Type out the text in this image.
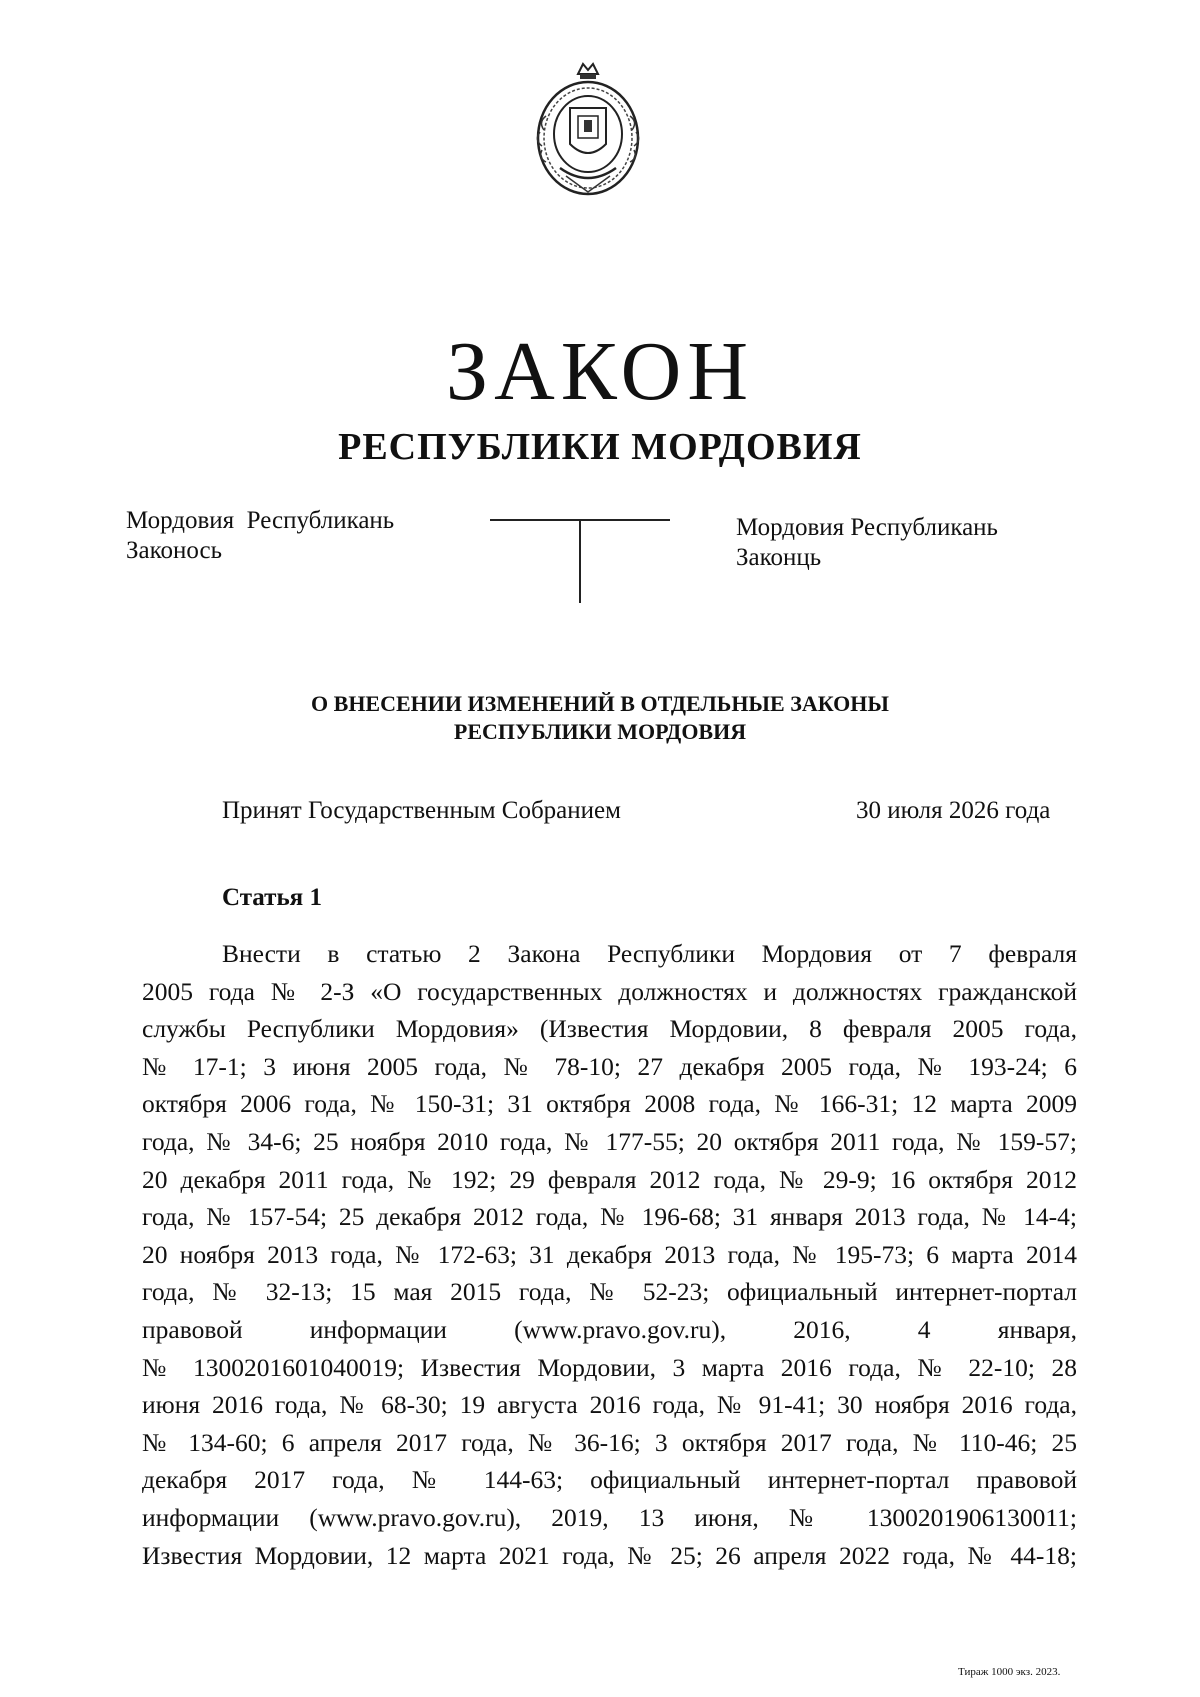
ЗАКОН
РЕСПУБЛИКИ МОРДОВИЯ
Мордовия  Республикань
Законось
Мордовия Республикань
Законць
О ВНЕСЕНИИ ИЗМЕНЕНИЙ В ОТДЕЛЬНЫЕ ЗАКОНЫ
РЕСПУБЛИКИ МОРДОВИЯ
Принят Государственным Собранием	30 июля 2026 года
Статья 1
Внести в статью 2 Закона Республики Мордовия от 7 февраля
2005 года № 2-З «О государственных должностях и должностях гражданской
службы Республики Мордовия» (Известия Мордовии, 8 февраля 2005 года,
№ 17-1; 3 июня 2005 года, № 78-10; 27 декабря 2005 года, № 193-24; 6
октября 2006 года, № 150-31; 31 октября 2008 года, № 166-31; 12 марта 2009
года, № 34-6; 25 ноября 2010 года, № 177-55; 20 октября 2011 года, № 159-57;
20 декабря 2011 года, № 192; 29 февраля 2012 года, № 29-9; 16 октября 2012
года, № 157-54; 25 декабря 2012 года, № 196-68; 31 января 2013 года, № 14-4;
20 ноября 2013 года, № 172-63; 31 декабря 2013 года, № 195-73; 6 марта 2014
года, № 32-13; 15 мая 2015 года, № 52-23; официальный интернет-портал
правовой информации (www.pravo.gov.ru), 2016, 4 января,
№ 1300201601040019; Известия Мордовии, 3 марта 2016 года, № 22-10; 28
июня 2016 года, № 68-30; 19 августа 2016 года, № 91-41; 30 ноября 2016 года,
№ 134-60; 6 апреля 2017 года, № 36-16; 3 октября 2017 года, № 110-46; 25
декабря 2017 года, № 144-63; официальный интернет-портал правовой
информации (www.pravo.gov.ru), 2019, 13 июня, № 1300201906130011;
Известия Мордовии, 12 марта 2021 года, № 25; 26 апреля 2022 года, № 44-18;
Тираж 1000 экз. 2023.
